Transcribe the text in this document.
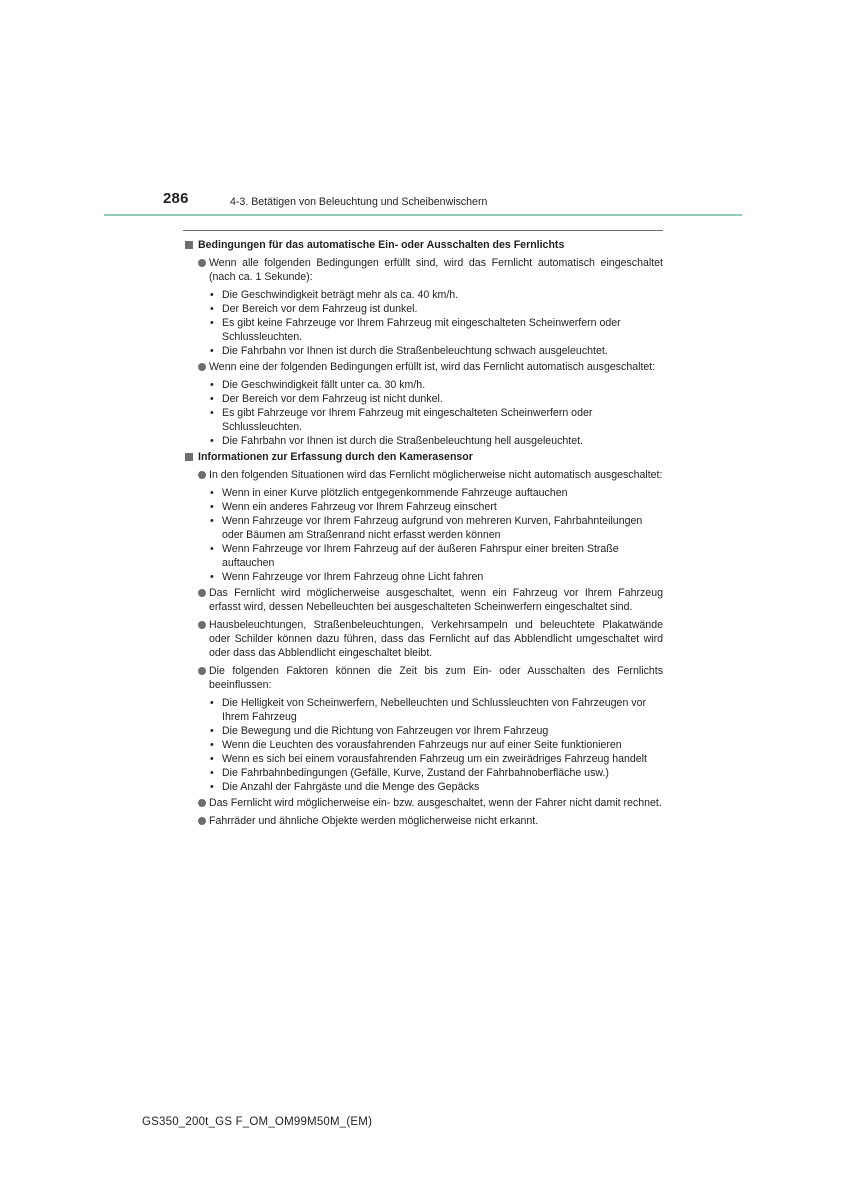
286	4-3. Betätigen von Beleuchtung und Scheibenwischern
Bedingungen für das automatische Ein- oder Ausschalten des Fernlichts
Wenn alle folgenden Bedingungen erfüllt sind, wird das Fernlicht automatisch eingeschaltet (nach ca. 1 Sekunde):
• Die Geschwindigkeit beträgt mehr als ca. 40 km/h.
• Der Bereich vor dem Fahrzeug ist dunkel.
• Es gibt keine Fahrzeuge vor Ihrem Fahrzeug mit eingeschalteten Scheinwerfern oder Schlussleuchten.
• Die Fahrbahn vor Ihnen ist durch die Straßenbeleuchtung schwach ausgeleuchtet.
Wenn eine der folgenden Bedingungen erfüllt ist, wird das Fernlicht automatisch ausgeschaltet:
• Die Geschwindigkeit fällt unter ca. 30 km/h.
• Der Bereich vor dem Fahrzeug ist nicht dunkel.
• Es gibt Fahrzeuge vor Ihrem Fahrzeug mit eingeschalteten Scheinwerfern oder Schlussleuchten.
• Die Fahrbahn vor Ihnen ist durch die Straßenbeleuchtung hell ausgeleuchtet.
Informationen zur Erfassung durch den Kamerasensor
In den folgenden Situationen wird das Fernlicht möglicherweise nicht automatisch ausgeschaltet:
• Wenn in einer Kurve plötzlich entgegenkommende Fahrzeuge auftauchen
• Wenn ein anderes Fahrzeug vor Ihrem Fahrzeug einschert
• Wenn Fahrzeuge vor Ihrem Fahrzeug aufgrund von mehreren Kurven, Fahrbahnteilungen oder Bäumen am Straßenrand nicht erfasst werden können
• Wenn Fahrzeuge vor Ihrem Fahrzeug auf der äußeren Fahrspur einer breiten Straße auftauchen
• Wenn Fahrzeuge vor Ihrem Fahrzeug ohne Licht fahren
Das Fernlicht wird möglicherweise ausgeschaltet, wenn ein Fahrzeug vor Ihrem Fahrzeug erfasst wird, dessen Nebelleuchten bei ausgeschalteten Scheinwerfern eingeschaltet sind.
Hausbeleuchtungen, Straßenbeleuchtungen, Verkehrsampeln und beleuchtete Plakatwände oder Schilder können dazu führen, dass das Fernlicht auf das Abblendlicht umgeschaltet wird oder dass das Abblendlicht eingeschaltet bleibt.
Die folgenden Faktoren können die Zeit bis zum Ein- oder Ausschalten des Fernlichts beeinflussen:
• Die Helligkeit von Scheinwerfern, Nebelleuchten und Schlussleuchten von Fahrzeugen vor Ihrem Fahrzeug
• Die Bewegung und die Richtung von Fahrzeugen vor Ihrem Fahrzeug
• Wenn die Leuchten des vorausfahrenden Fahrzeugs nur auf einer Seite funktionieren
• Wenn es sich bei einem vorausfahrenden Fahrzeug um ein zweirädriges Fahrzeug handelt
• Die Fahrbahnbedingungen (Gefälle, Kurve, Zustand der Fahrbahnoberfläche usw.)
• Die Anzahl der Fahrgäste und die Menge des Gepäcks
Das Fernlicht wird möglicherweise ein- bzw. ausgeschaltet, wenn der Fahrer nicht damit rechnet.
Fahrräder und ähnliche Objekte werden möglicherweise nicht erkannt.
GS350_200t_GS F_OM_OM99M50M_(EM)
